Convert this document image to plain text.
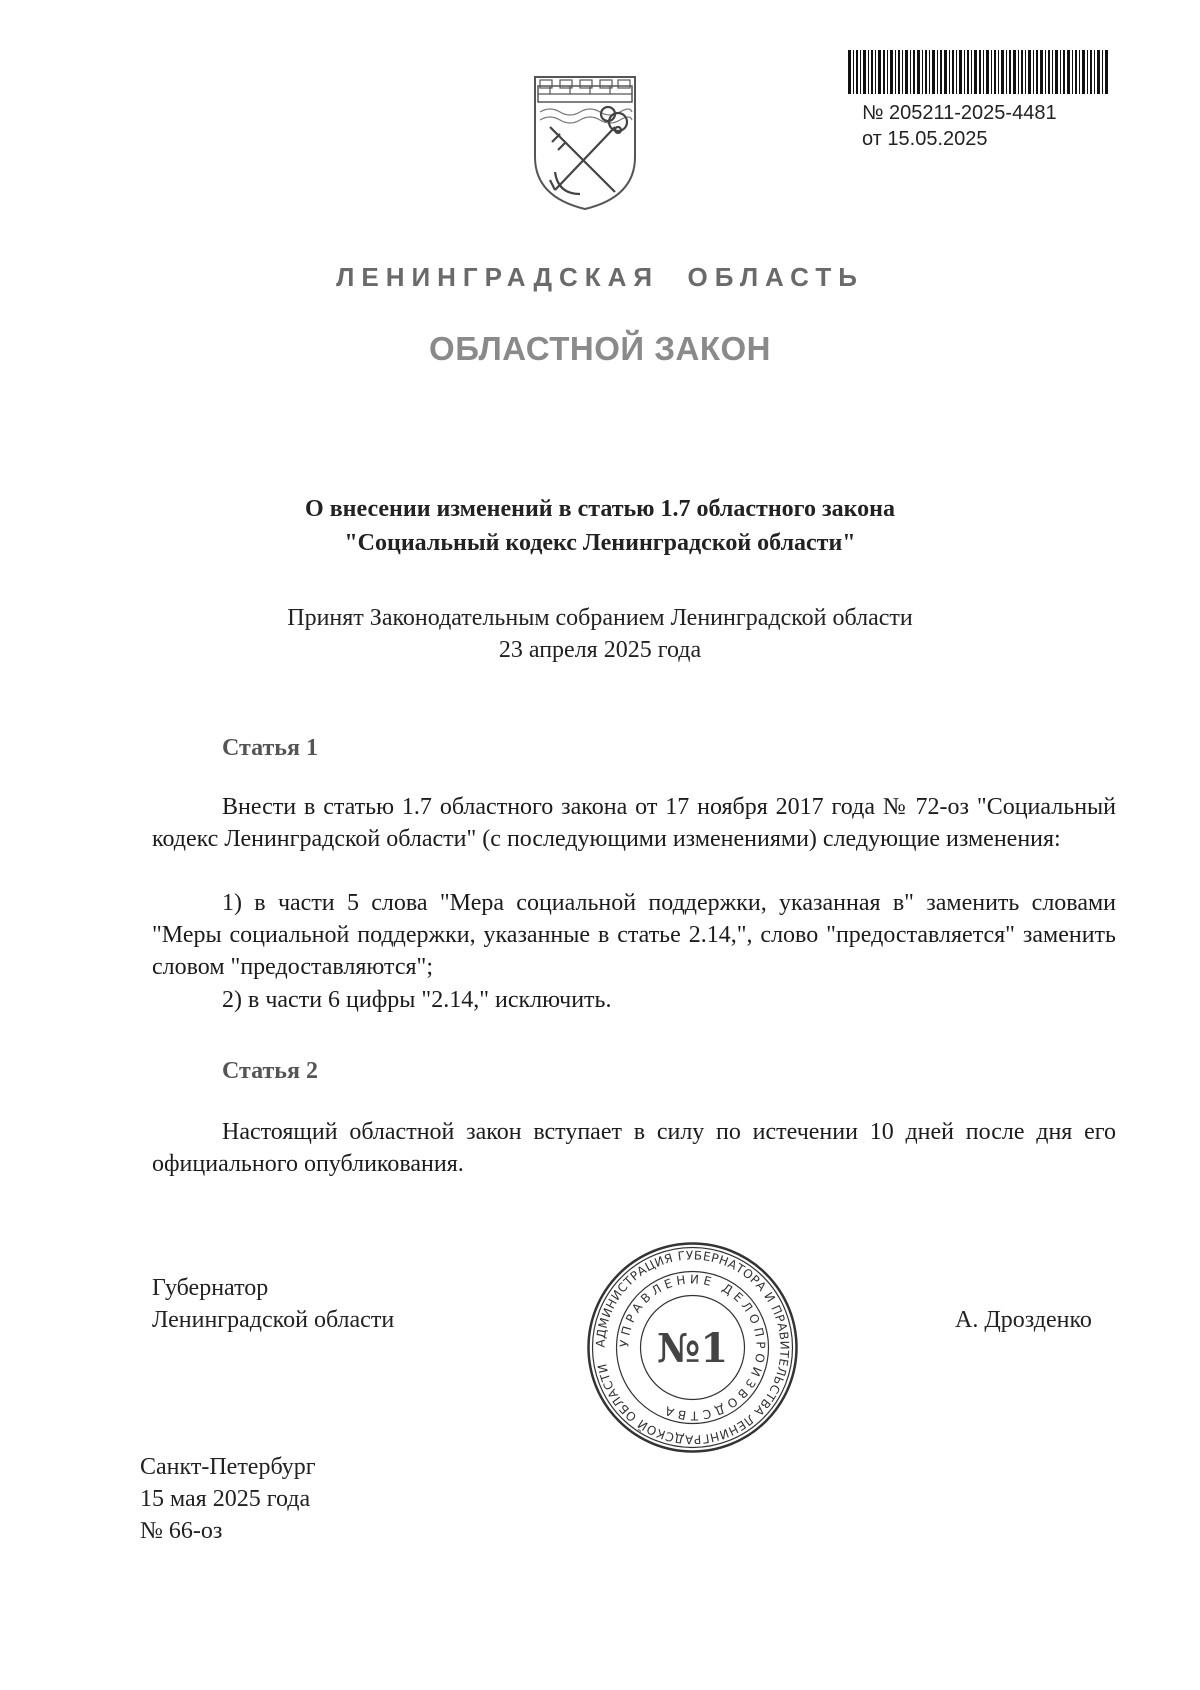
№ 205211-2025-4481
от 15.05.2025
ЛЕНИНГРАДСКАЯ  ОБЛАСТЬ
ОБЛАСТНОЙ ЗАКОН
О внесении изменений в статью 1.7 областного закона
"Социальный кодекс Ленинградской области"
Принят Законодательным собранием Ленинградской области
23 апреля 2025 года
Статья 1

Внести в статью 1.7 областного закона от 17 ноября 2017 года № 72-оз "Социальный кодекс Ленинградской области" (с последующими изменениями) следующие изменения:

1) в части 5 слова "Мера социальной поддержки, указанная в" заменить словами "Меры социальной поддержки, указанные в статье 2.14,", слово "предоставляется" заменить словом "предоставляются";

2) в части 6 цифры "2.14," исключить.

Статья 2

Настоящий областной закон вступает в силу по истечении 10 дней после дня его официального опубликования.

Губернатор
Ленинградской области	А. Дрозденко
АДМИНИСТРАЦИЯ ГУБЕРНАТОРА И ПРАВИТЕЛЬСТВА ЛЕНИНГРАДСКОЙ ОБЛАСТИ
УПРАВЛЕНИЕ ДЕЛОПРОИЗВОДСТВА
№1
Санкт-Петербург
15 мая 2025 года
№ 66-оз
